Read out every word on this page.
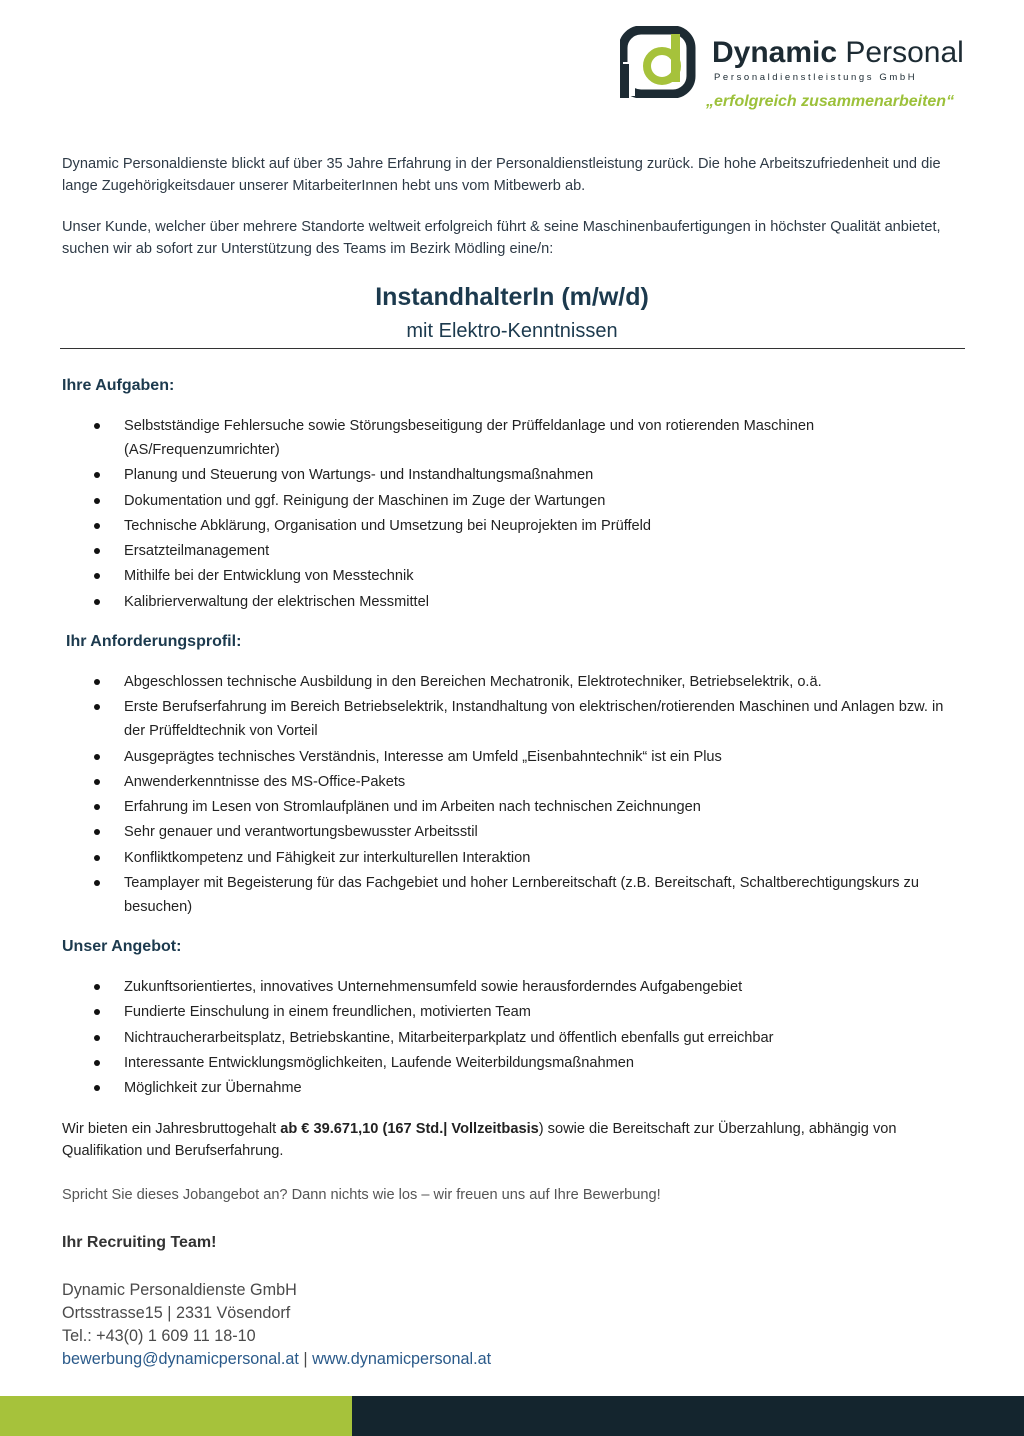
Dynamic Personal
Personaldienstleistungs GmbH
„erfolgreich zusammenarbeiten“
Dynamic Personaldienste blickt auf über 35 Jahre Erfahrung in der Personaldienstleistung zurück. Die hohe Arbeitszufriedenheit und die lange Zugehörigkeitsdauer unserer MitarbeiterInnen hebt uns vom Mitbewerb ab.
Unser Kunde, welcher über mehrere Standorte weltweit erfolgreich führt & seine Maschinenbaufertigungen in höchster Qualität anbietet, suchen wir ab sofort zur Unterstützung des Teams im Bezirk Mödling eine/n:
InstandhalterIn (m/w/d)
mit Elektro-Kenntnissen
Ihre Aufgaben:
Selbstständige Fehlersuche sowie Störungsbeseitigung der Prüffeldanlage und von rotierenden Maschinen (AS/Frequenzumrichter)
Planung und Steuerung von Wartungs- und Instandhaltungsmaßnahmen
Dokumentation und ggf. Reinigung der Maschinen im Zuge der Wartungen
Technische Abklärung, Organisation und Umsetzung bei Neuprojekten im Prüffeld
Ersatzteilmanagement
Mithilfe bei der Entwicklung von Messtechnik
Kalibrierverwaltung der elektrischen Messmittel
Ihr Anforderungsprofil:
Abgeschlossen technische Ausbildung in den Bereichen Mechatronik, Elektrotechniker, Betriebselektrik, o.ä.
Erste Berufserfahrung im Bereich Betriebselektrik, Instandhaltung von elektrischen/rotierenden Maschinen und Anlagen bzw. in der Prüffeldtechnik von Vorteil
Ausgeprägtes technisches Verständnis, Interesse am Umfeld „Eisenbahntechnik“ ist ein Plus
Anwenderkenntnisse des MS-Office-Pakets
Erfahrung im Lesen von Stromlaufplänen und im Arbeiten nach technischen Zeichnungen
Sehr genauer und verantwortungsbewusster Arbeitsstil
Konfliktkompetenz und Fähigkeit zur interkulturellen Interaktion
Teamplayer mit Begeisterung für das Fachgebiet und hoher Lernbereitschaft (z.B. Bereitschaft, Schaltberechtigungskurs zu besuchen)
Unser Angebot:
Zukunftsorientiertes, innovatives Unternehmensumfeld sowie herausforderndes Aufgabengebiet
Fundierte Einschulung in einem freundlichen, motivierten Team
Nichtraucherarbeitsplatz, Betriebskantine, Mitarbeiterparkplatz und öffentlich ebenfalls gut erreichbar
Interessante Entwicklungsmöglichkeiten, Laufende Weiterbildungsmaßnahmen
Möglichkeit zur Übernahme
Wir bieten ein Jahresbruttogehalt ab € 39.671,10 (167 Std.| Vollzeitbasis) sowie die Bereitschaft zur Überzahlung, abhängig von Qualifikation und Berufserfahrung.
Spricht Sie dieses Jobangebot an? Dann nichts wie los – wir freuen uns auf Ihre Bewerbung!
Ihr Recruiting Team!
Dynamic Personaldienste GmbH
Ortsstrasse15 | 2331 Vösendorf
Tel.: +43(0) 1 609 11 18-10
bewerbung@dynamicpersonal.at | www.dynamicpersonal.at
